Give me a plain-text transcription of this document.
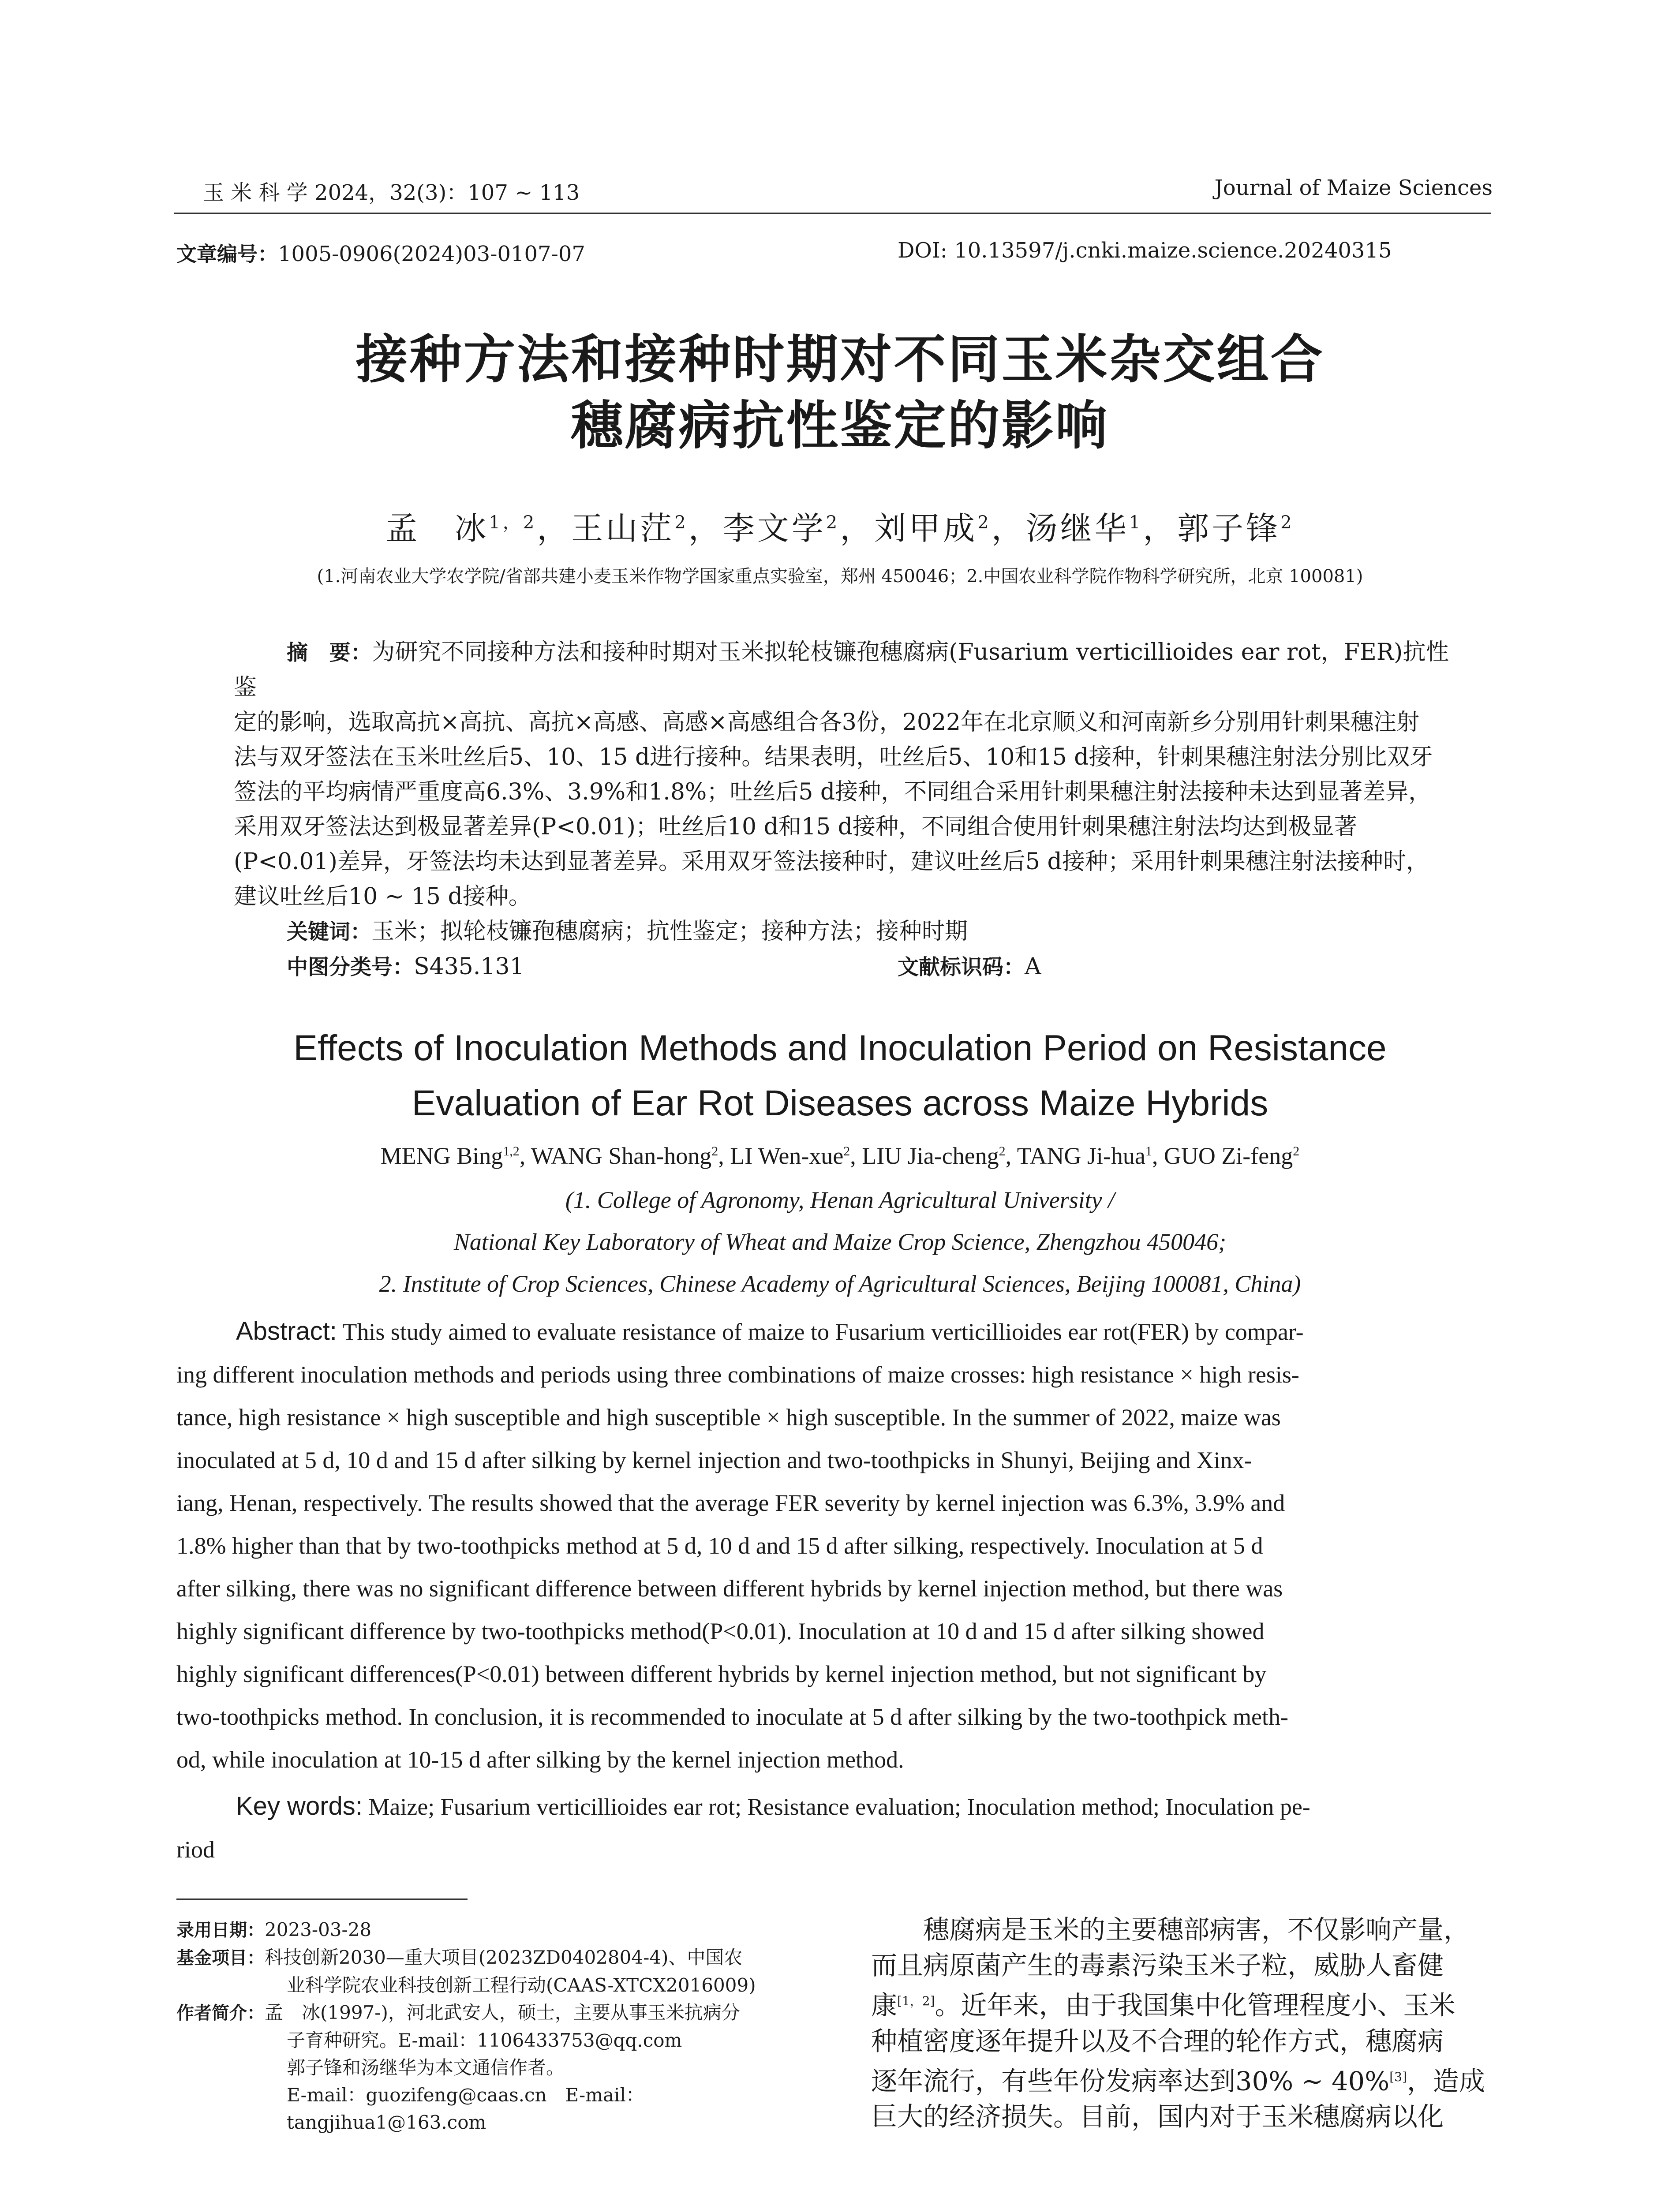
玉 米 科 学 2024，32(3)：107 ~ 113	Journal of Maize Sciences
文章编号：1005-0906(2024)03-0107-07	DOI: 10.13597/j.cnki.maize.science.20240315
接种方法和接种时期对不同玉米杂交组合
穗腐病抗性鉴定的影响
孟　冰$^{1,2}$，王山茳$^2$，李文学$^2$，刘甲成$^2$，汤继华$^1$，郭子锋$^2$
(1.河南农业大学农学院/省部共建小麦玉米作物学国家重点实验室，郑州 450046；2.中国农业科学院作物科学研究所，北京 100081)
摘　要：为研究不同接种方法和接种时期对玉米拟轮枝镰孢穗腐病(Fusarium verticillioides ear rot，FER)抗性鉴
定的影响，选取高抗×高抗、高抗×高感、高感×高感组合各3份，2022年在北京顺义和河南新乡分别用针刺果穗注射
法与双牙签法在玉米吐丝后5、10、15 d进行接种。结果表明，吐丝后5、10和15 d接种，针刺果穗注射法分别比双牙
签法的平均病情严重度高6.3%、3.9%和1.8%；吐丝后5 d接种，不同组合采用针刺果穗注射法接种未达到显著差异，
采用双牙签法达到极显著差异(P<0.01)；吐丝后10 d和15 d接种，不同组合使用针刺果穗注射法均达到极显著
(P<0.01)差异，牙签法均未达到显著差异。采用双牙签法接种时，建议吐丝后5 d接种；采用针刺果穗注射法接种时，
建议吐丝后10 ~ 15 d接种。
关键词：玉米；拟轮枝镰孢穗腐病；抗性鉴定；接种方法；接种时期
中图分类号：S435.131	文献标识码：A
Effects of Inoculation Methods and Inoculation Period on Resistance
Evaluation of Ear Rot Diseases across Maize Hybrids
MENG Bing$^{1,2}$, WANG Shan-hong$^2$, LI Wen-xue$^2$, LIU Jia-cheng$^2$, TANG Ji-hua$^1$, GUO Zi-feng$^2$
(1. College of Agronomy, Henan Agricultural University /
National Key Laboratory of Wheat and Maize Crop Science, Zhengzhou 450046;
2. Institute of Crop Sciences, Chinese Academy of Agricultural Sciences, Beijing 100081, China)
Abstract: This study aimed to evaluate resistance of maize to Fusarium verticillioides ear rot(FER) by compar-
ing different inoculation methods and periods using three combinations of maize crosses: high resistance × high resis-
tance, high resistance × high susceptible and high susceptible × high susceptible. In the summer of 2022, maize was
inoculated at 5 d, 10 d and 15 d after silking by kernel injection and two-toothpicks in Shunyi, Beijing and Xinx-
iang, Henan, respectively. The results showed that the average FER severity by kernel injection was 6.3%, 3.9% and
1.8% higher than that by two-toothpicks method at 5 d, 10 d and 15 d after silking, respectively. Inoculation at 5 d
after silking, there was no significant difference between different hybrids by kernel injection method, but there was
highly significant difference by two-toothpicks method(P<0.01). Inoculation at 10 d and 15 d after silking showed
highly significant differences(P<0.01) between different hybrids by kernel injection method, but not significant by
two-toothpicks method. In conclusion, it is recommended to inoculate at 5 d after silking by the two-toothpick meth-
od, while inoculation at 10-15 d after silking by the kernel injection method.
Key words: Maize; Fusarium verticillioides ear rot; Resistance evaluation; Inoculation method; Inoculation pe-
riod
录用日期：2023-03-28
基金项目：科技创新2030—重大项目(2023ZD0402804-4)、中国农
业科学院农业科技创新工程行动(CAAS-XTCX2016009)
作者简介：孟　冰(1997-)，河北武安人，硕士，主要从事玉米抗病分
子育种研究。E-mail：1106433753@qq.com
郭子锋和汤继华为本文通信作者。
E-mail：guozifeng@caas.cn　E-mail：tangjihua1@163.com
穗腐病是玉米的主要穗部病害，不仅影响产量，
而且病原菌产生的毒素污染玉米子粒，威胁人畜健
康[1，2]。近年来，由于我国集中化管理程度小、玉米
种植密度逐年提升以及不合理的轮作方式，穗腐病
逐年流行，有些年份发病率达到30% ~ 40%[3]，造成
巨大的经济损失。目前，国内对于玉米穗腐病以化
